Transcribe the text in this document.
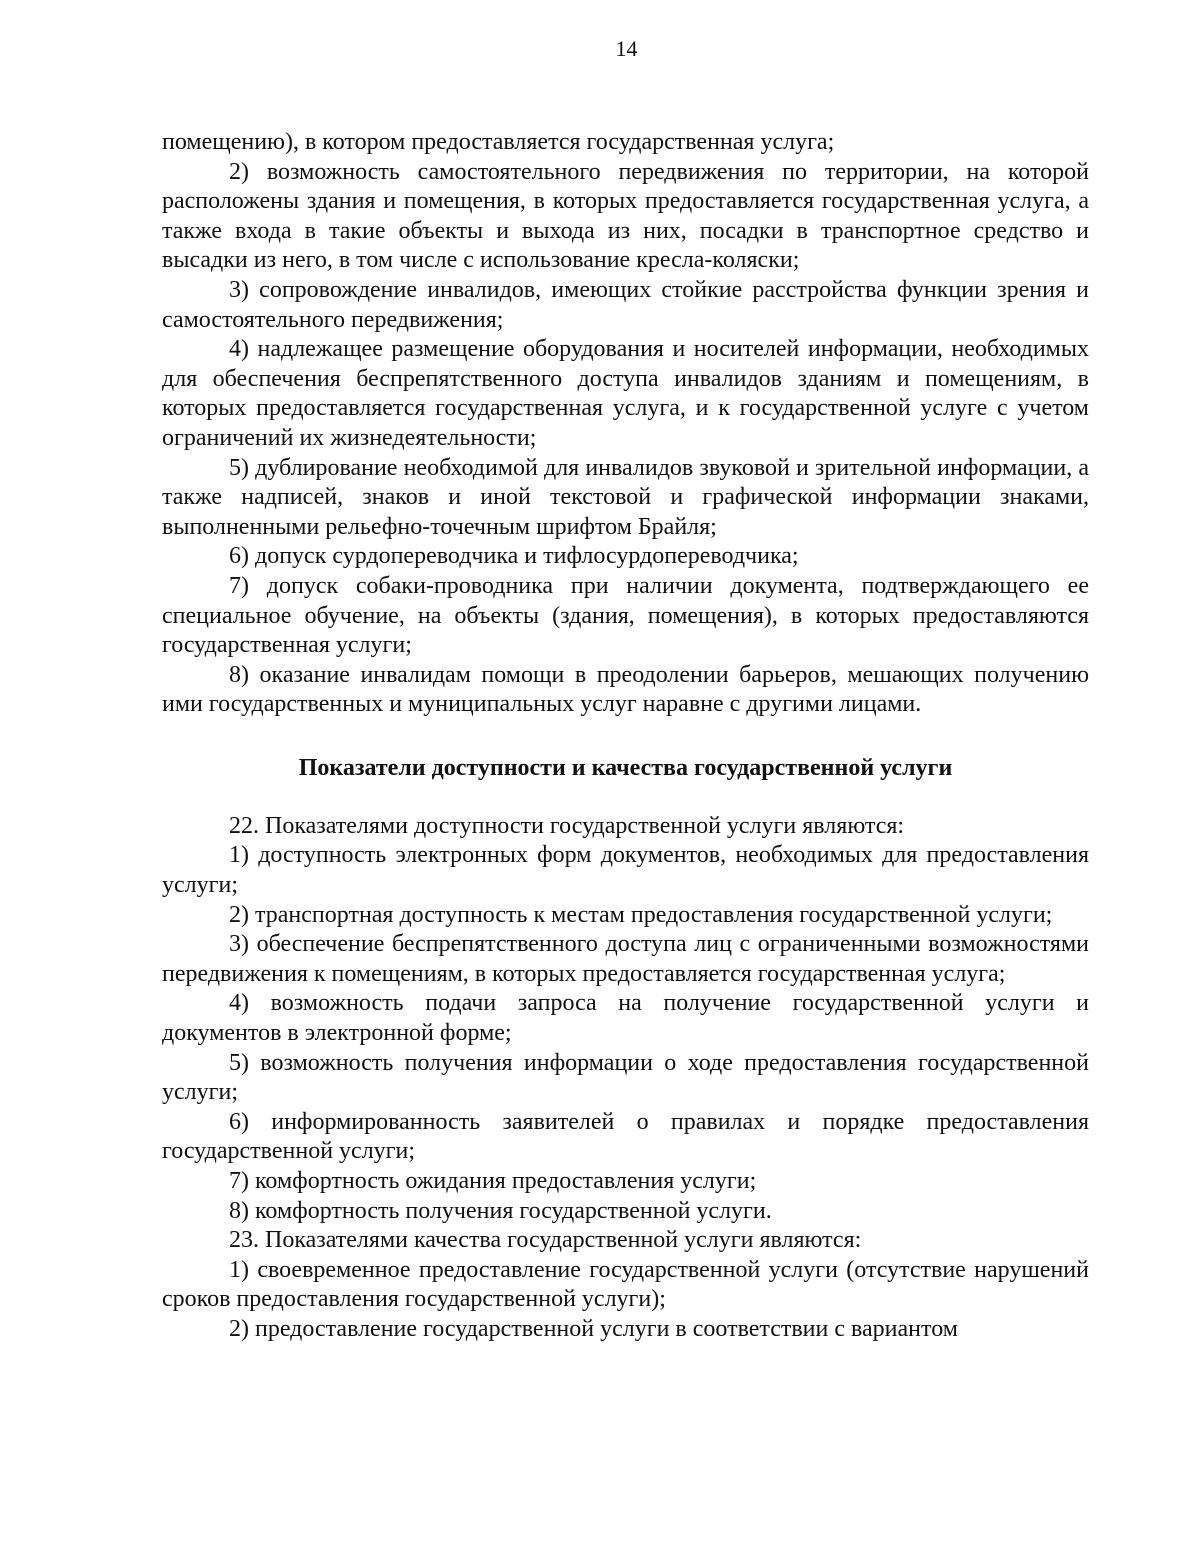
14

помещению), в котором предоставляется государственная услуга;

2) возможность самостоятельного передвижения по территории, на которой расположены здания и помещения, в которых предоставляется государственная услуга, а также входа в такие объекты и выхода из них, посадки в транспортное средство и высадки из него, в том числе с использование кресла-коляски;

3) сопровождение инвалидов, имеющих стойкие расстройства функции зрения и самостоятельного передвижения;

4) надлежащее размещение оборудования и носителей информации, необходимых для обеспечения беспрепятственного доступа инвалидов зданиям и помещениям, в которых предоставляется государственная услуга, и к государственной услуге с учетом ограничений их жизнедеятельности;

5) дублирование необходимой для инвалидов звуковой и зрительной информации, а также надписей, знаков и иной текстовой и графической информации знаками, выполненными рельефно-точечным шрифтом Брайля;

6) допуск сурдопереводчика и тифлосурдопереводчика;

7) допуск собаки-проводника при наличии документа, подтверждающего ее специальное обучение, на объекты (здания, помещения), в которых предоставляются государственная услуги;

8) оказание инвалидам помощи в преодолении барьеров, мешающих получению ими государственных и муниципальных услуг наравне с другими лицами.

Показатели доступности и качества государственной услуги

22. Показателями доступности государственной услуги являются:

1) доступность электронных форм документов, необходимых для предоставления услуги;

2) транспортная доступность к местам предоставления государственной услуги;

3) обеспечение беспрепятственного доступа лиц с ограниченными возможностями передвижения к помещениям, в которых предоставляется государственная услуга;

4) возможность подачи запроса на получение государственной услуги и документов в электронной форме;

5) возможность получения информации о ходе предоставления государственной услуги;

6) информированность заявителей о правилах и порядке предоставления государственной услуги;

7) комфортность ожидания предоставления услуги;

8) комфортность получения государственной услуги.

23. Показателями качества государственной услуги являются:

1) своевременное предоставление государственной услуги (отсутствие нарушений сроков предоставления государственной услуги);

2) предоставление государственной услуги в соответствии с вариантом
